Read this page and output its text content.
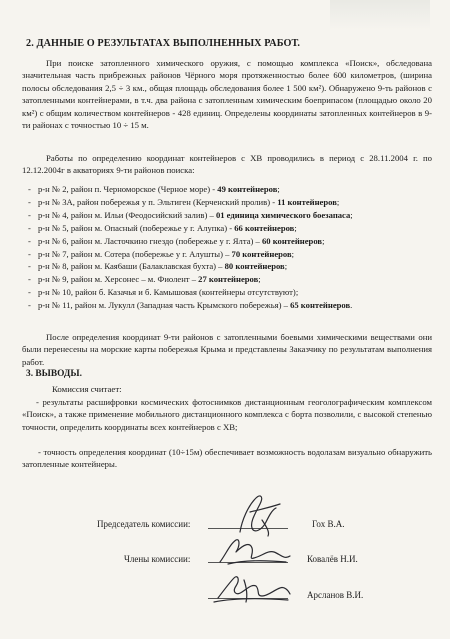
2. ДАННЫЕ О РЕЗУЛЬТАТАХ ВЫПОЛНЕННЫХ РАБОТ.
При поиске затопленного химического оружия, с помощью комплекса «Поиск», обследована значительная часть прибрежных районов Чёрного моря протяженностью более 600 километров, (ширина полосы обследования 2,5 ÷ 3 км., общая площадь обследования более 1 500 км²). Обнаружено 9-ть районов с затопленными контейнерами, в т.ч. два района с затопленным химическим боеприпасом (площадью около 20 км²) с общим количеством контейнеров - 428 единиц. Определены координаты затопленных контейнеров в 9-ти районах с точностью 10 ÷ 15 м.
Работы по определению координат контейнеров с ХВ проводились в период с 28.11.2004 г. по 12.12.2004г в акваториях 9-ти районов поиска:
- р-н № 2, район п. Черноморское (Черное море) - 49 контейнеров;
- р-н № 3А, район побережья у п. Эльтиген (Керченский пролив) - 11 контейнеров;
- р-н № 4, район м. Ильи (Феодосийский залив) – 01 единица химического боезапаса;
- р-н № 5, район м. Опасный (побережье у г. Алупка) - 66 контейнеров;
- р-н № 6, район м. Ласточкино гнездо (побережье у г. Ялта) – 60 контейнеров;
- р-н № 7, район м. Сотера (побережье у г. Алушты) – 70 контейнеров;
- р-н № 8, район м. Кая6аши (Балаклавская бухта) – 80 контейнеров;
- р-н № 9, район м. Херсонес – м. Фиолент – 27 контейнеров;
- р-н № 10, район б. Казачья и б. Камышовая (контейнеры отсутствуют);
- р-н № 11, район м. Лукулл (Западная часть Крымского побережья) – 65 контейнеров.
После определения координат 9-ти районов с затопленными боевыми химическими веществами они были перенесены на морские карты побережья Крыма и представлены Заказчику по результатам выполнения работ.
3. ВЫВОДЫ.
Комиссия считает:
- результаты расшифровки космических фотоснимков дистанционным геоголографическим комплексом «Поиск», а также применение мобильного дистанционного комплекса с борта позволили, с высокой степенью точности, определить координаты всех контейнеров с ХВ;
- точность определения координат (10÷15м) обеспечивает возможность водолазам визуально обнаружить затопленные контейнеры.
Председатель комиссии:	Гох В.А.
Члены комиссии:	Ковалёв Н.И.
Арсланов В.И.
